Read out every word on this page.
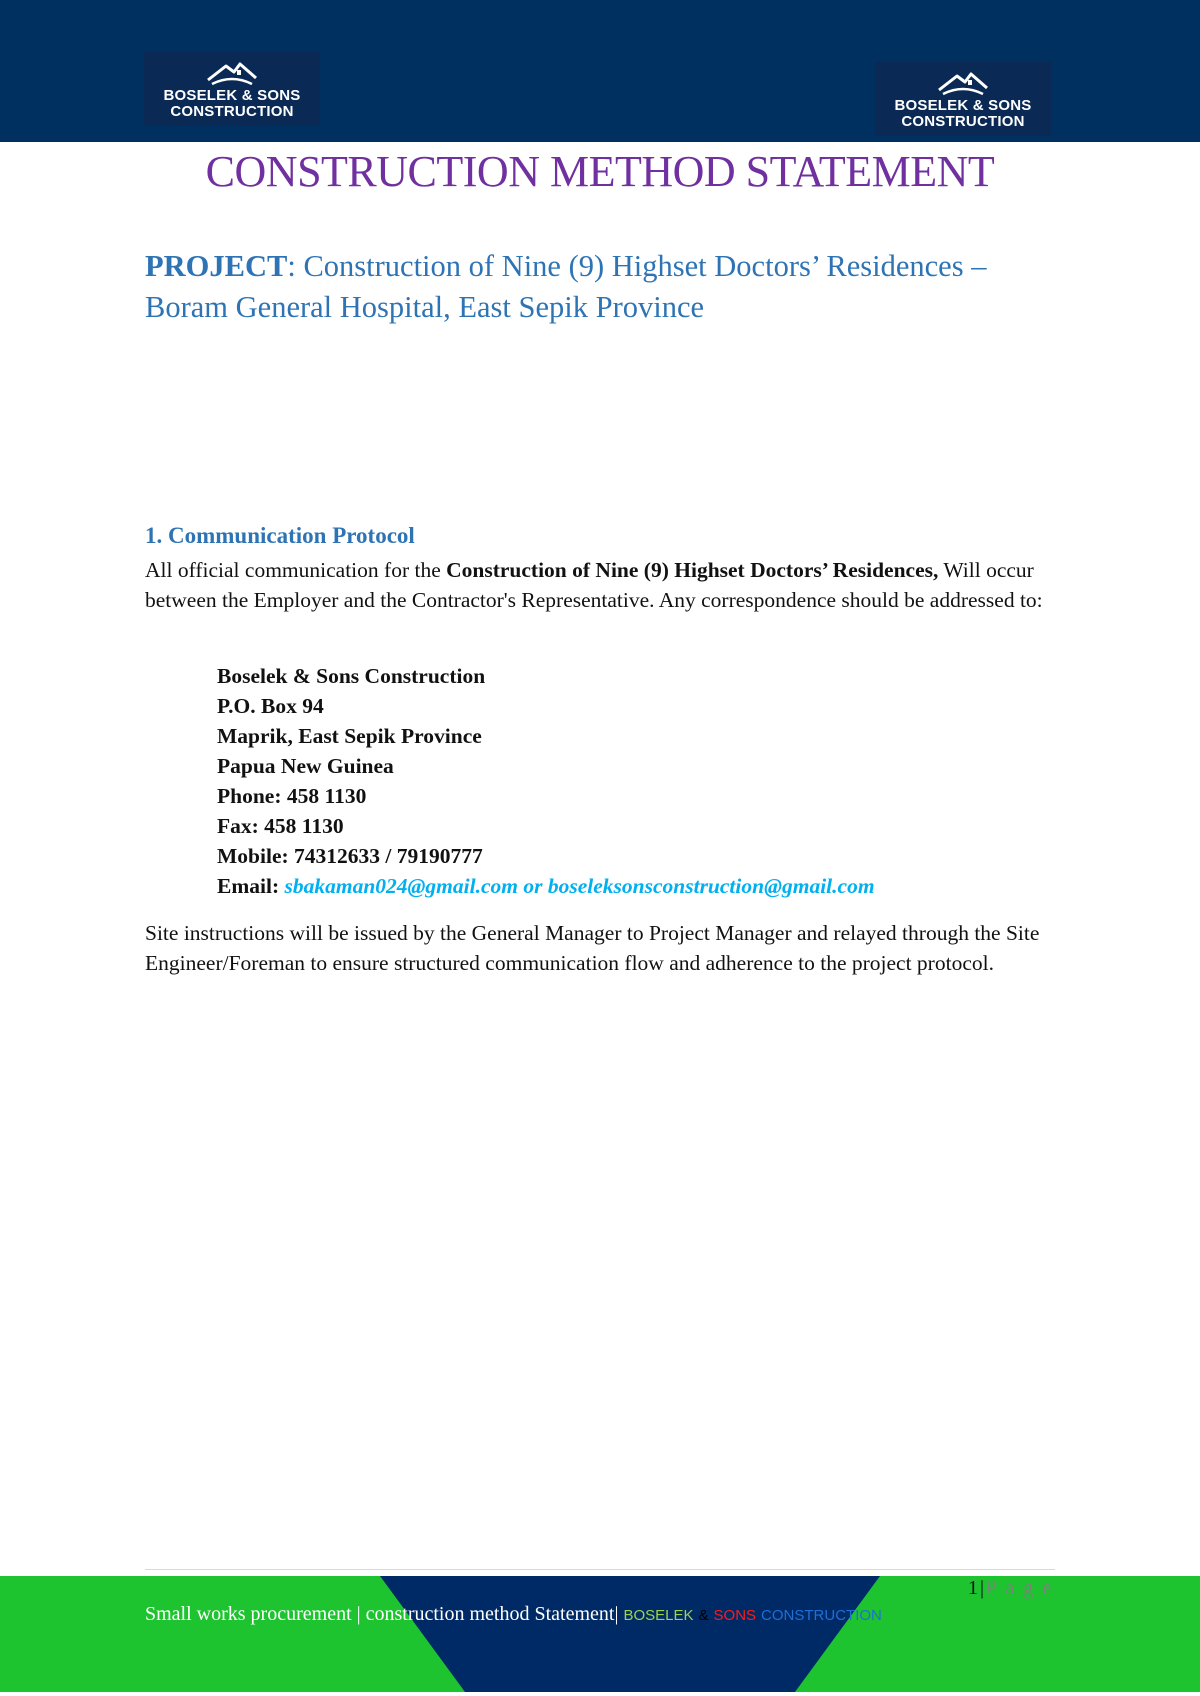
BOSELEK & SONS
CONSTRUCTION	BOSELEK & SONS
CONSTRUCTION
CONSTRUCTION METHOD STATEMENT

PROJECT: Construction of Nine (9) Highset Doctors’ Residences – Boram General Hospital, East Sepik Province

1. Communication Protocol

All official communication for the Construction of Nine (9) Highset Doctors’ Residences, Will occur between the Employer and the Contractor's Representative. Any correspondence should be addressed to:

Boselek & Sons Construction
P.O. Box 94
Maprik, East Sepik Province
Papua New Guinea
Phone: 458 1130
Fax: 458 1130
Mobile: 74312633 / 79190777
Email: sbakaman024@gmail.com or boseleksonsconstruction@gmail.com

Site instructions will be issued by the General Manager to Project Manager and relayed through the Site Engineer/Foreman to ensure structured communication flow and adherence to the project protocol.

1 | P a g e
Small works procurement | construction method Statement| BOSELEK & SONS CONSTRUCTION
